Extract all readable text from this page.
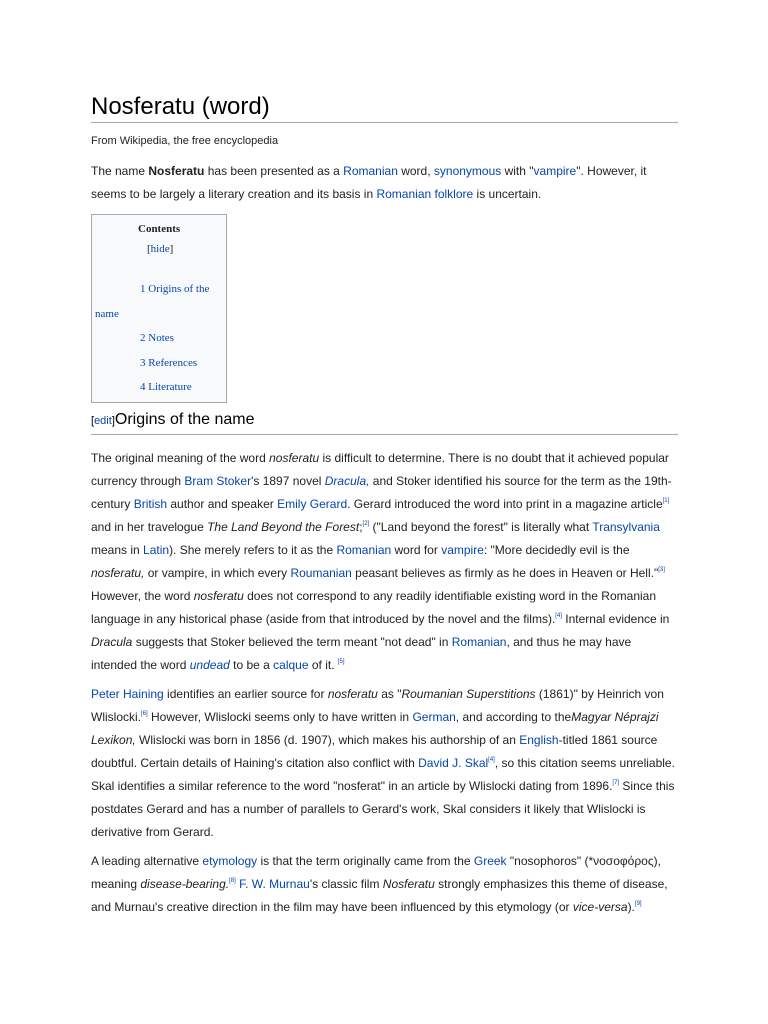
Nosferatu (word)
From Wikipedia, the free encyclopedia

The name Nosferatu has been presented as a Romanian word, synonymous with "vampire". However, it seems to be largely a literary creation and its basis in Romanian folklore is uncertain.

Contents
[hide]
1 Origins of the
name
2 Notes
3 References
4 Literature
[edit]Origins of the name

The original meaning of the word nosferatu is difficult to determine. There is no doubt that it achieved popular currency through Bram Stoker's 1897 novel Dracula, and Stoker identified his source for the term as the 19th-century British author and speaker Emily Gerard. Gerard introduced the word into print in a magazine article[1] and in her travelogue The Land Beyond the Forest;[2] ("Land beyond the forest" is literally what Transylvania means in Latin). She merely refers to it as the Romanian word for vampire: "More decidedly evil is the nosferatu, or vampire, in which every Roumanian peasant believes as firmly as he does in Heaven or Hell."[3] However, the word nosferatu does not correspond to any readily identifiable existing word in the Romanian language in any historical phase (aside from that introduced by the novel and the films).[4] Internal evidence in Dracula suggests that Stoker believed the term meant "not dead" in Romanian, and thus he may have intended the word undead to be a calque of it. [5]

Peter Haining identifies an earlier source for nosferatu as "Roumanian Superstitions (1861)" by Heinrich von Wlislocki.[6] However, Wlislocki seems only to have written in German, and according to theMagyar Néprajzi Lexikon, Wlislocki was born in 1856 (d. 1907), which makes his authorship of an English-titled 1861 source doubtful. Certain details of Haining's citation also conflict with David J. Skal[4], so this citation seems unreliable. Skal identifies a similar reference to the word "nosferat" in an article by Wlislocki dating from 1896.[7] Since this postdates Gerard and has a number of parallels to Gerard's work, Skal considers it likely that Wlislocki is derivative from Gerard.

A leading alternative etymology is that the term originally came from the Greek "nosophoros" (*νοσοφόρος), meaning disease-bearing.[8] F. W. Murnau's classic film Nosferatu strongly emphasizes this theme of disease, and Murnau's creative direction in the film may have been influenced by this etymology (or vice-versa).[9]
